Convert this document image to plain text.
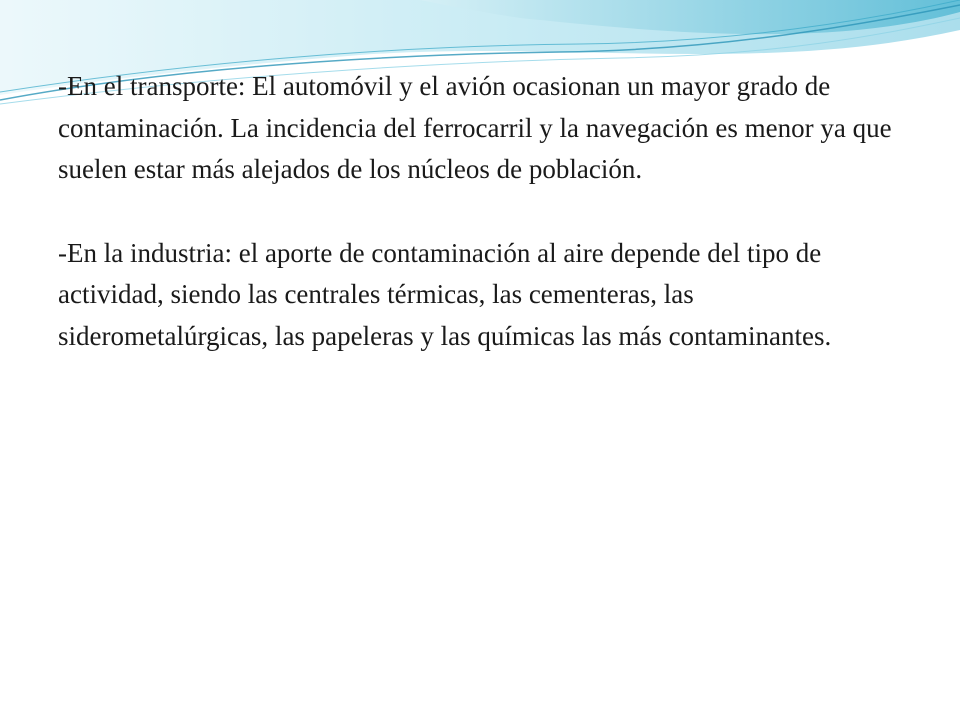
-En el transporte: El automóvil y el avión ocasionan un mayor grado de contaminación. La incidencia del ferrocarril y la navegación es menor ya que suelen estar más alejados de los núcleos de población.

-En la industria: el aporte de contaminación al aire depende del tipo de actividad, siendo las centrales térmicas, las cementeras, las siderometalúrgicas, las papeleras y las químicas las más contaminantes.
